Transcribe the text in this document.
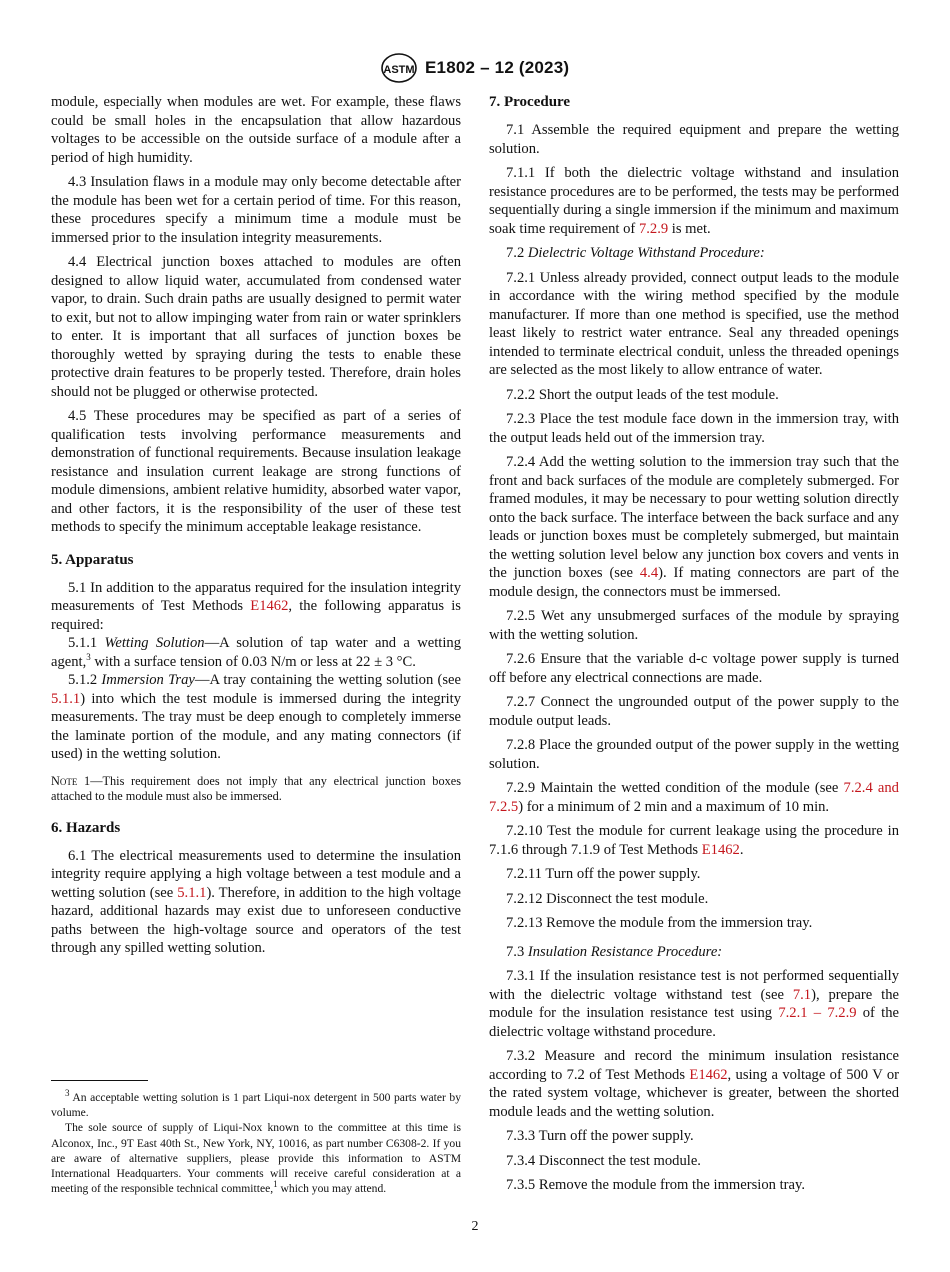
ASTM E1802 – 12 (2023)

module, especially when modules are wet. For example, these flaws could be small holes in the encapsulation that allow hazardous voltages to be accessible on the outside surface of a module after a period of high humidity.

4.3 Insulation flaws in a module may only become detectable after the module has been wet for a certain period of time. For this reason, these procedures specify a minimum time a module must be immersed prior to the insulation integrity measurements.

4.4 Electrical junction boxes attached to modules are often designed to allow liquid water, accumulated from condensed water vapor, to drain. Such drain paths are usually designed to permit water to exit, but not to allow impinging water from rain or water sprinklers to enter. It is important that all surfaces of junction boxes be thoroughly wetted by spraying during the tests to enable these protective drain features to be properly tested. Therefore, drain holes should not be plugged or otherwise protected.

4.5 These procedures may be specified as part of a series of qualification tests involving performance measurements and demonstration of functional requirements. Because insulation leakage resistance and insulation current leakage are strong functions of module dimensions, ambient relative humidity, absorbed water vapor, and other factors, it is the responsibility of the user of these test methods to specify the minimum acceptable leakage resistance.

5. Apparatus

5.1 In addition to the apparatus required for the insulation integrity measurements of Test Methods E1462, the following apparatus is required:

5.1.1 Wetting Solution—A solution of tap water and a wetting agent,$^3$ with a surface tension of 0.03 N/m or less at 22 ± 3 °C.

5.1.2 Immersion Tray—A tray containing the wetting solution (see 5.1.1) into which the test module is immersed during the integrity measurements. The tray must be deep enough to completely immerse the laminate portion of the module, and any mating connectors (if used) in the wetting solution.

Note 1—This requirement does not imply that any electrical junction boxes attached to the module must also be immersed.
6. Hazards

6.1 The electrical measurements used to determine the insulation integrity require applying a high voltage between a test module and a wetting solution (see 5.1.1). Therefore, in addition to the high voltage hazard, additional hazards may exist due to unforeseen conductive paths between the high-voltage source and operators of the test through any spilled wetting solution.

$^3$ An acceptable wetting solution is 1 part Liqui-nox detergent in 500 parts water by volume.

The sole source of supply of Liqui-Nox known to the committee at this time is Alconox, Inc., 9T East 40th St., New York, NY, 10016, as part number C6308-2. If you are aware of alternative suppliers, please provide this information to ASTM International Headquarters. Your comments will receive careful consideration at a meeting of the responsible technical committee,$^1$ which you may attend.

7. Procedure

7.1 Assemble the required equipment and prepare the wetting solution.

7.1.1 If both the dielectric voltage withstand and insulation resistance procedures are to be performed, the tests may be performed sequentially during a single immersion if the minimum and maximum soak time requirement of 7.2.9 is met.

7.2 Dielectric Voltage Withstand Procedure:

7.2.1 Unless already provided, connect output leads to the module in accordance with the wiring method specified by the module manufacturer. If more than one method is specified, use the method least likely to restrict water entrance. Seal any threaded openings intended to terminate electrical conduit, unless the threaded openings are selected as the most likely to allow entrance of water.

7.2.2 Short the output leads of the test module.

7.2.3 Place the test module face down in the immersion tray, with the output leads held out of the immersion tray.

7.2.4 Add the wetting solution to the immersion tray such that the front and back surfaces of the module are completely submerged. For framed modules, it may be necessary to pour wetting solution directly onto the back surface. The interface between the back surface and any leads or junction boxes must be completely submerged, but maintain the wetting solution level below any junction box covers and vents in the junction boxes (see 4.4). If mating connectors are part of the module design, the connectors must be immersed.

7.2.5 Wet any unsubmerged surfaces of the module by spraying with the wetting solution.

7.2.6 Ensure that the variable d-c voltage power supply is turned off before any electrical connections are made.

7.2.7 Connect the ungrounded output of the power supply to the module output leads.

7.2.8 Place the grounded output of the power supply in the wetting solution.

7.2.9 Maintain the wetted condition of the module (see 7.2.4 and 7.2.5) for a minimum of 2 min and a maximum of 10 min.

7.2.10 Test the module for current leakage using the procedure in 7.1.6 through 7.1.9 of Test Methods E1462.

7.2.11 Turn off the power supply.

7.2.12 Disconnect the test module.

7.2.13 Remove the module from the immersion tray.

7.3 Insulation Resistance Procedure:

7.3.1 If the insulation resistance test is not performed sequentially with the dielectric voltage withstand test (see 7.1), prepare the module for the insulation resistance test using 7.2.1 – 7.2.9 of the dielectric voltage withstand procedure.

7.3.2 Measure and record the minimum insulation resistance according to 7.2 of Test Methods E1462, using a voltage of 500 V or the rated system voltage, whichever is greater, between the shorted module leads and the wetting solution.

7.3.3 Turn off the power supply.

7.3.4 Disconnect the test module.

7.3.5 Remove the module from the immersion tray.

2
